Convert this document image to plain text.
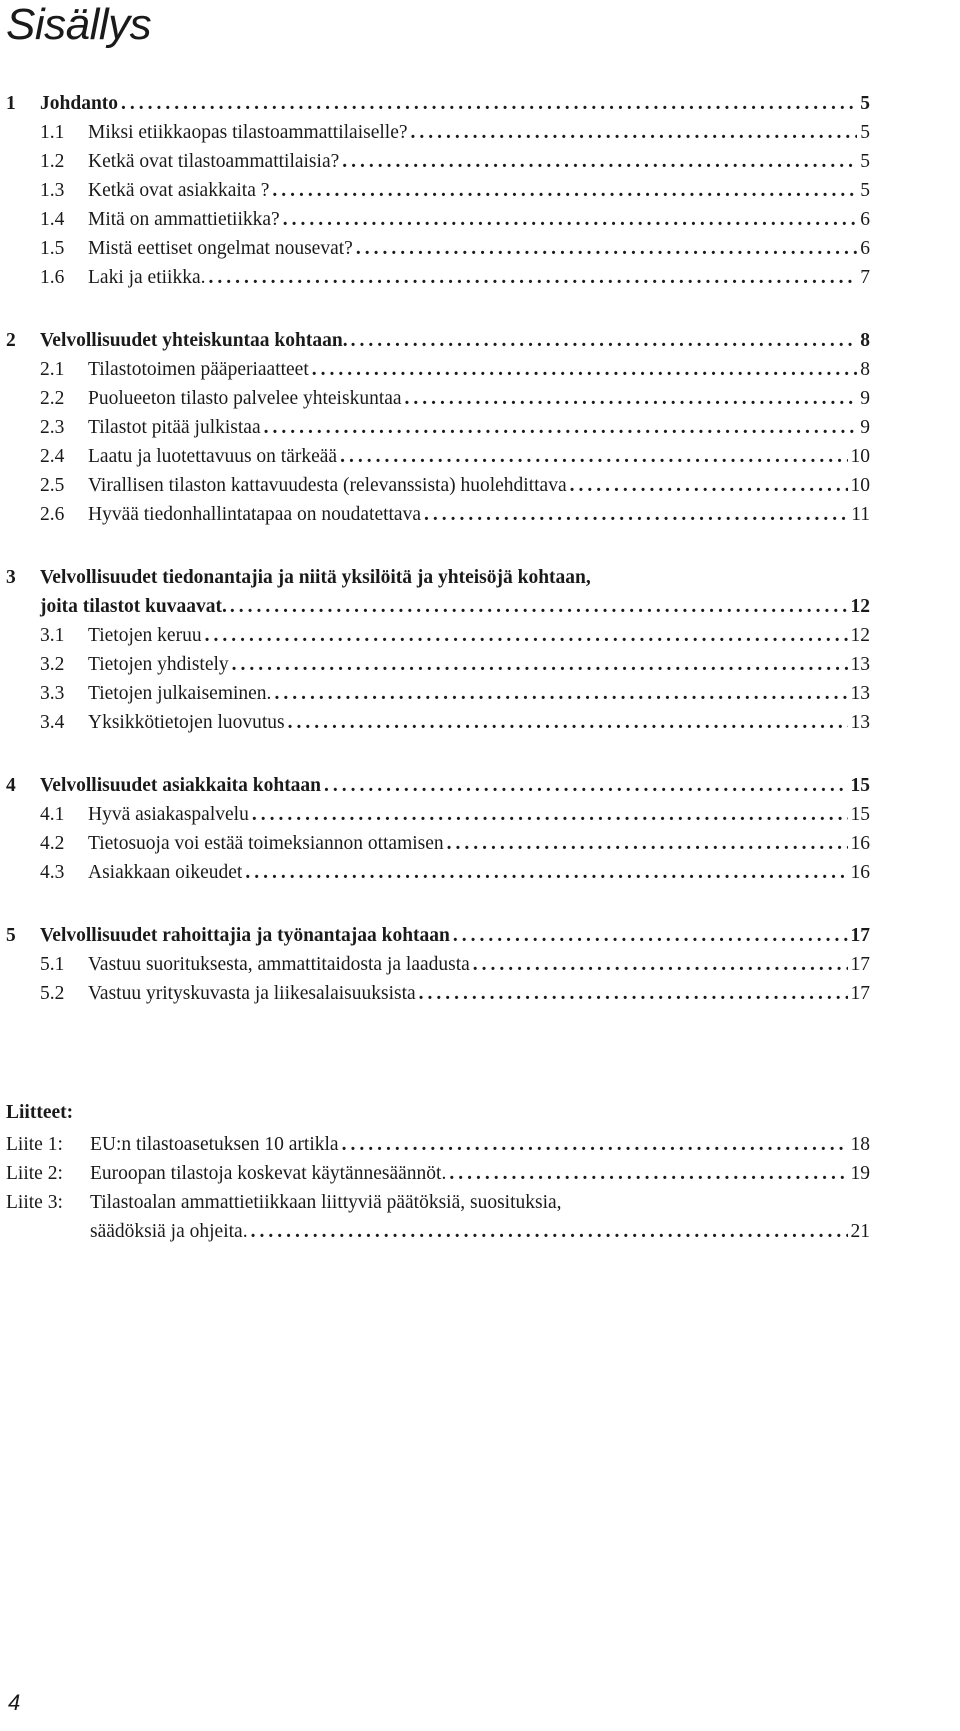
Sisällys
1	Johdanto .....	5
1.1	Miksi etiikkaopas tilastoammattilaiselle? .....	5
1.2	Ketkä ovat tilastoammattilaisia? .....	5
1.3	Ketkä ovat asiakkaita ? .....	5
1.4	Mitä on ammattietiikka? .....	6
1.5	Mistä eettiset ongelmat nousevat? .....	6
1.6	Laki ja etiikka. .....	7
2	Velvollisuudet yhteiskuntaa kohtaan. .....	8
2.1	Tilastotoimen pääperiaatteet .....	8
2.2	Puolueeton tilasto palvelee yhteiskuntaa .....	9
2.3	Tilastot pitää julkistaa .....	9
2.4	Laatu ja luotettavuus on tärkeää .....	10
2.5	Virallisen tilaston kattavuudesta (relevanssista) huolehdittava .....	10
2.6	Hyvää tiedonhallintatapaa on noudatettava .....	11
3	Velvollisuudet tiedonantajia ja niitä yksilöitä ja yhteisöjä kohtaan,
joita tilastot kuvaavat. .....	12
3.1	Tietojen keruu .....	12
3.2	Tietojen yhdistely .....	13
3.3	Tietojen julkaiseminen. .....	13
3.4	Yksikkötietojen luovutus .....	13
4	Velvollisuudet asiakkaita kohtaan .....	15
4.1	Hyvä asiakaspalvelu .....	15
4.2	Tietosuoja voi estää toimeksiannon ottamisen .....	16
4.3	Asiakkaan oikeudet .....	16
5	Velvollisuudet rahoittajia ja työnantajaa kohtaan .....	17
5.1	Vastuu suorituksesta, ammattitaidosta ja laadusta .....	17
5.2	Vastuu yrityskuvasta ja liikesalaisuuksista .....	17
Liitteet:
Liite 1:	EU:n tilastoasetuksen 10 artikla .....	18
Liite 2:	Euroopan tilastoja koskevat käytännesäännöt. .....	19
Liite 3:	Tilastoalan ammattietiikkaan liittyviä päätöksiä, suosituksia,
säädöksiä ja ohjeita. .....	21
4
